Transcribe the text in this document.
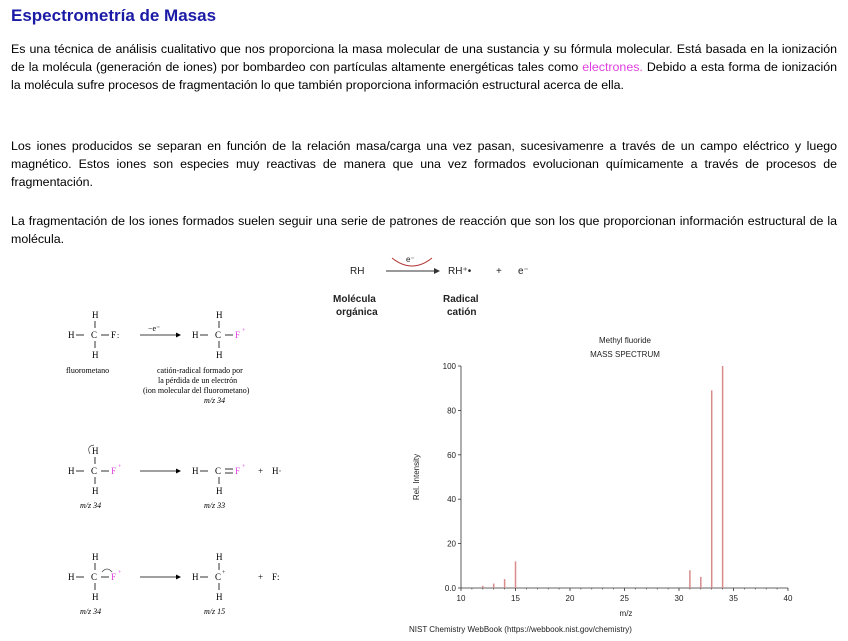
Espectrometría de Masas
Es una técnica de análisis cualitativo que nos proporciona la masa molecular de una sustancia y su fórmula molecular. Está basada en la ionización de la molécula (generación de iones) por bombardeo con partículas altamente energéticas tales como electrones. Debido a esta forma de ionización la molécula sufre procesos de fragmentación lo que también proporciona información estructural acerca de ella.
Los iones producidos se separan en función de la relación masa/carga una vez pasan, sucesivamenre a través de un campo eléctrico y luego magnético. Estos iones son especies muy reactivas de manera que una vez formados evolucionan químicamente a través de procesos de fragmentación.
La fragmentación de los iones formados suelen seguir una serie de patrones de reacción que son los que proporcionan información estructural de la molécula.
RH
e⁻
RH⁺• + e⁻
Molécula
orgánica
Radical
catión
H
H C F :
H
−e⁻
H
H C F +
H
fluorometano	catión-radical formado por
la pérdida de un electrón
(ion molecular del fluorometano)
m/z 34
H
H C F +
H
H C F +
H
+ H·
m/z 34	m/z 33
H
H C F +
H
H
H C +
H
+ F:
m/z 34	m/z 15
Methyl fluoride
MASS SPECTRUM
Rel. Intensity
m/z
NIST Chemistry WebBook (https://webbook.nist.gov/chemistry)
0.0
20
40
60
80
100
10	15	20	25	30	35	40
